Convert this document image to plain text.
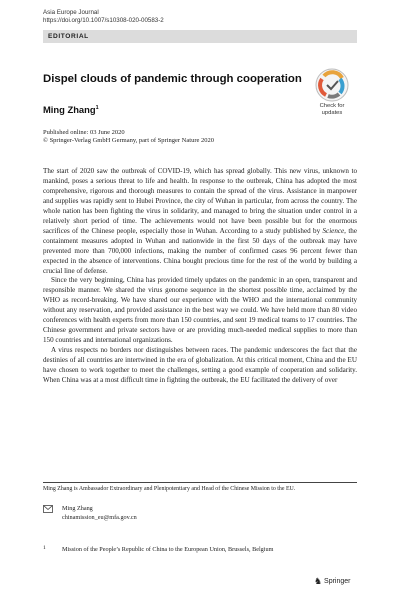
Asia Europe Journal
https://doi.org/10.1007/s10308-020-00583-2
EDITORIAL
Dispel clouds of pandemic through cooperation
Check for
updates
Ming Zhang$^1$
Published online: 03 June 2020
© Springer-Verlag GmbH Germany, part of Springer Nature 2020

The start of 2020 saw the outbreak of COVID-19, which has spread globally. This new virus, unknown to mankind, poses a serious threat to life and health. In response to the outbreak, China has adopted the most comprehensive, rigorous and thorough measures to contain the spread of the virus. Assistance in manpower and supplies was rapidly sent to Hubei Province, the city of Wuhan in particular, from across the country. The whole nation has been fighting the virus in solidarity, and managed to bring the situation under control in a relatively short period of time. The achievements would not have been possible but for the enormous sacrifices of the Chinese people, especially those in Wuhan. According to a study published by Science, the containment measures adopted in Wuhan and nationwide in the first 50 days of the outbreak may have prevented more than 700,000 infections, making the number of confirmed cases 96 percent fewer than expected in the absence of interventions. China bought precious time for the rest of the world by building a crucial line of defense.

Since the very beginning, China has provided timely updates on the pandemic in an open, transparent and responsible manner. We shared the virus genome sequence in the shortest possible time, acclaimed by the WHO as record-breaking. We have shared our experience with the WHO and the international community without any reservation, and provided assistance in the best way we could. We have held more than 80 video conferences with health experts from more than 150 countries, and sent 19 medical teams to 17 countries. The Chinese government and private sectors have or are providing much-needed medical supplies to more than 150 countries and international organizations.

A virus respects no borders nor distinguishes between races. The pandemic underscores the fact that the destinies of all countries are intertwined in the era of globalization. At this critical moment, China and the EU have chosen to work together to meet the challenges, setting a good example of cooperation and solidarity. When China was at a most difficult time in fighting the outbreak, the EU facilitated the delivery of over

Ming Zhang is Ambassador Extraordinary and Plenipotentiary and Head of the Chinese Mission to the EU.
Ming Zhang
chinamission_eu@mfa.gov.cn
1	Mission of the People’s Republic of China to the European Union, Brussels, Belgium
♞ Springer
